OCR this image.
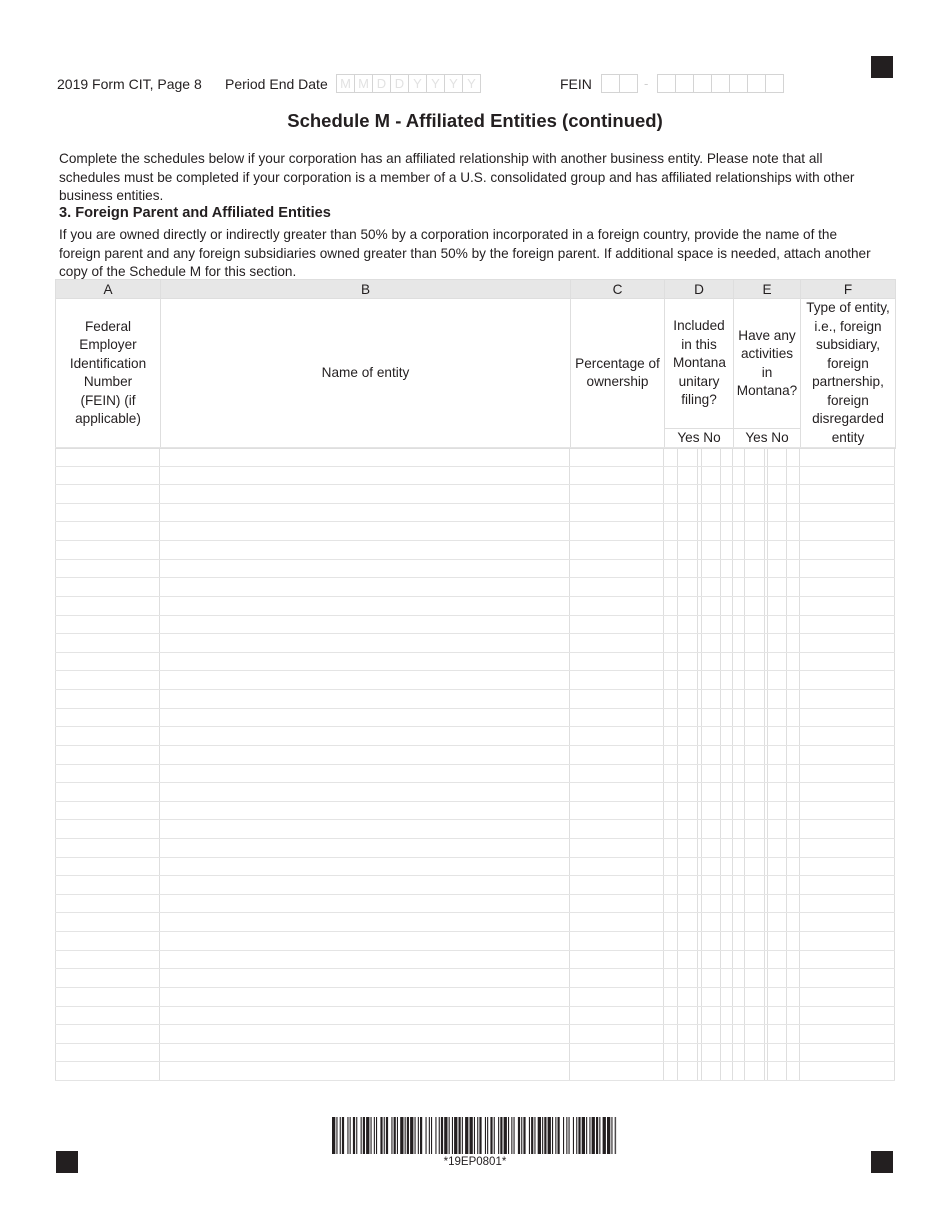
2019 Form CIT, Page 8 Period End Date M M D D Y Y Y Y	FEIN	-
Schedule M - Affiliated Entities (continued)

Complete the schedules below if your corporation has an affiliated relationship with another business entity. Please note that all schedules must be completed if your corporation is a member of a U.S. consolidated group and has affiliated relationships with other business entities.

3. Foreign Parent and Affiliated Entities

If you are owned directly or indirectly greater than 50% by a corporation incorporated in a foreign country, provide the name of the foreign parent and any foreign subsidiaries owned greater than 50% by the foreign parent. If additional space is needed, attach another copy of the Schedule M for this section.

A	B	C	D	E	F
Federal Employer Identification Number (FEIN) (if applicable)	Name of entity	Percentage of ownership	Included in this Montana unitary filing?	Have any activities in Montana?	Type of entity, i.e., foreign subsidiary, foreign partnership, foreign disregarded entity
			Yes No	Yes No	
*19EP0801*
